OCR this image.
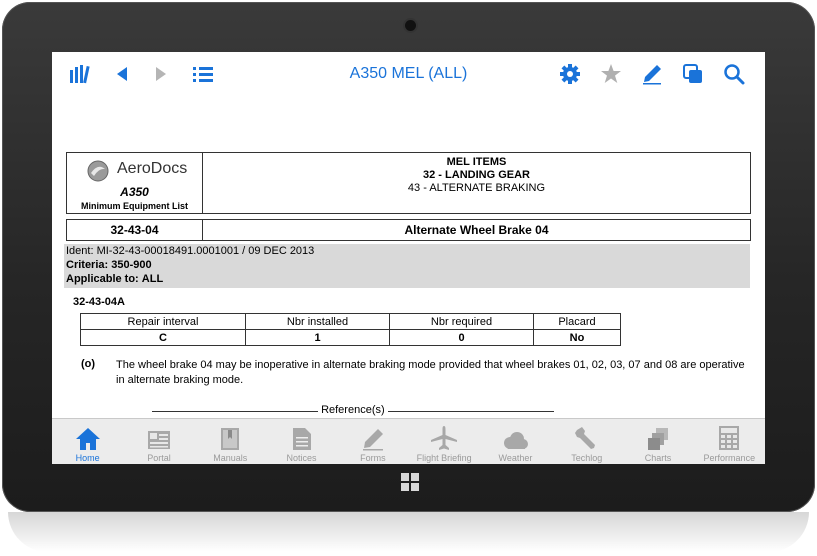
A350 MEL (ALL)
AeroDocs
A350
Minimum Equipment List
MEL ITEMS
32 - LANDING GEAR
43 - ALTERNATE BRAKING
32-43-04	Alternate Wheel Brake 04
Ident: MI-32-43-00018491.0001001 / 09 DEC 2013
Criteria: 350-900
Applicable to: ALL
32-43-04A
Repair interval	Nbr installed	Nbr required	Placard
C	1	0	No
(o) The wheel brake 04 may be inoperative in alternate braking mode provided that wheel brakes 01, 02, 03, 07 and 08 are operative in alternate braking mode.
Reference(s)
Home	Portal	Manuals	Notices	Forms	Flight Briefing	Weather	Techlog	Charts	Performance
